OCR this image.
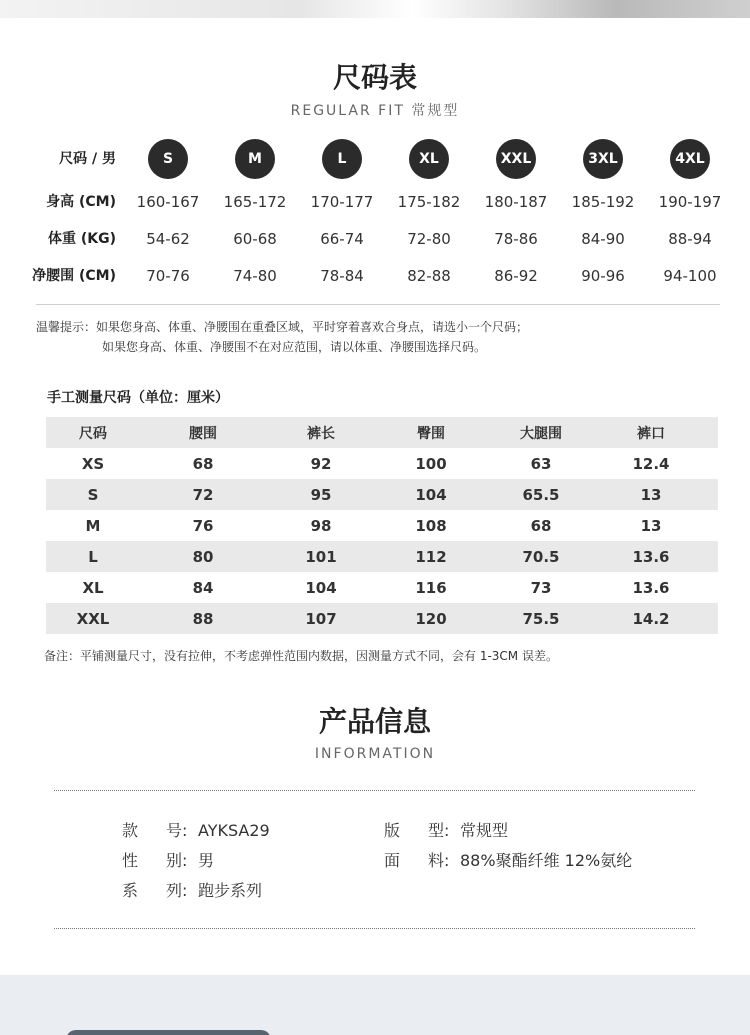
尺码表
REGULAR FIT 常规型
尺码 / 男	S	M	L	XL	XXL	3XL	4XL
身高 (CM)	160-167	165-172	170-177	175-182	180-187	185-192	190-197
体重 (KG)	54-62	60-68	66-74	72-80	78-86	84-90	88-94
净腰围 (CM)	70-76	74-80	78-84	82-88	86-92	90-96	94-100
温馨提示：如果您身高、体重、净腰围在重叠区域，平时穿着喜欢合身点，请选小一个尺码；
如果您身高、体重、净腰围不在对应范围，请以体重、净腰围选择尺码。
手工测量尺码（单位：厘米）
尺码	腰围	裤长	臀围	大腿围	裤口
XS	68	92	100	63	12.4
S	72	95	104	65.5	13
M	76	98	108	68	13
L	80	101	112	70.5	13.6
XL	84	104	116	73	13.6
XXL	88	107	120	75.5	14.2
备注：平铺测量尺寸，没有拉伸，不考虑弹性范围内数据，因测量方式不同，会有 1-3CM 误差。
产品信息
INFORMATION
款 号: AYKSA29	版 型: 常规型
性 别: 男	面 料: 88%聚酯纤维 12%氨纶
系 列: 跑步系列
